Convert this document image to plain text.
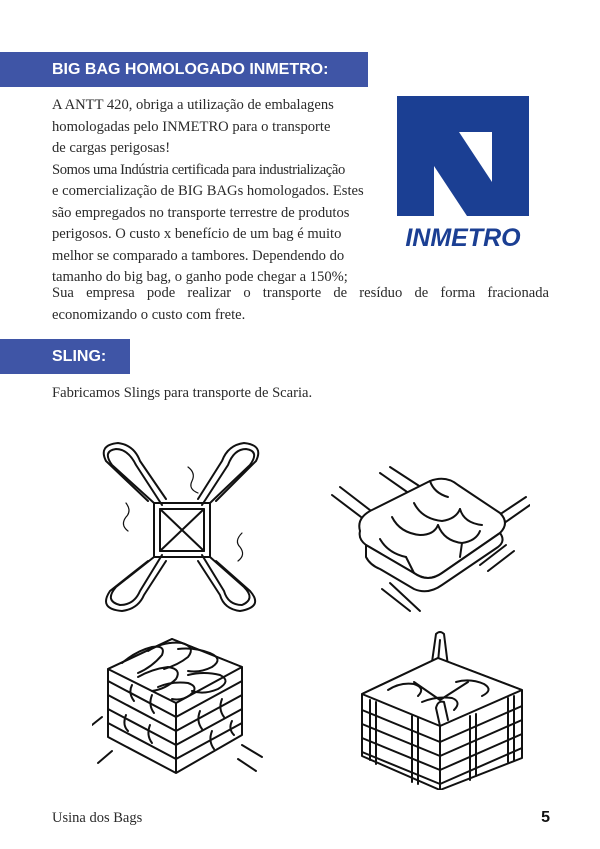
BIG BAG HOMOLOGADO INMETRO:

A ANTT 420, obriga a utilização de embalagens
homologadas pelo INMETRO para o transporte
de cargas perigosas!
Somos uma Indústria certificada para industrialização
e comercialização de BIG BAGs homologados. Estes
são empregados no transporte terrestre de produtos
perigosos. O custo x benefício de um bag é muito
melhor se comparado a tambores. Dependendo do
tamanho do big bag, o ganho pode chegar a 150%;

INMETRO

Sua empresa pode realizar o transporte de resíduo de forma fracionada economizando o custo com frete.

SLING:

Fabricamos Slings para transporte de Scaria.

Usina dos Bags	5
